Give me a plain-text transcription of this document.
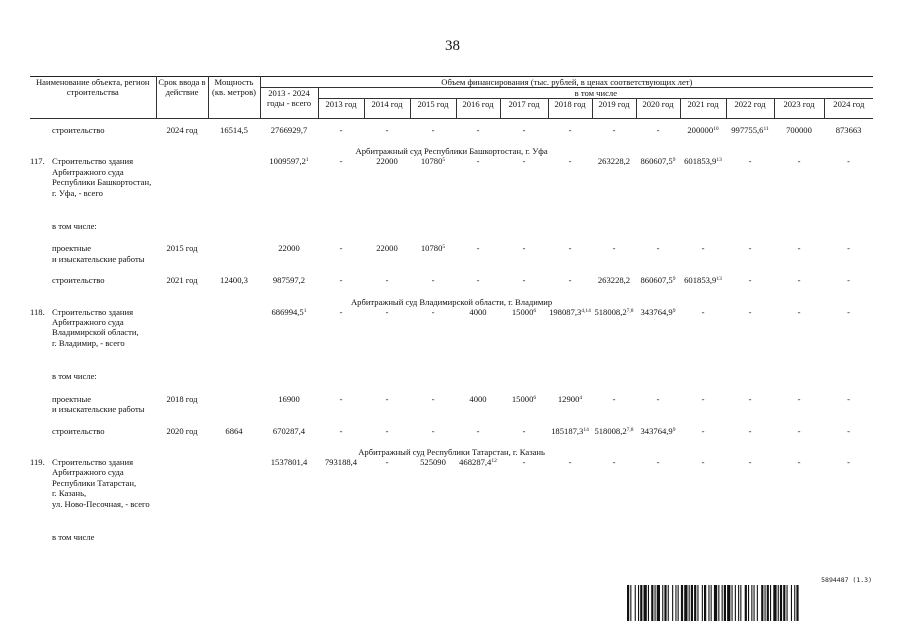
38
Наименование объекта, регион строительства		Срок ввода в действие	Мощность (кв. метров)	Объем финансирования (тыс. рублей, в ценах соответствующих лет)												
				2013 - 2024 годы - всего	в том числе											
					2013 год	2014 год	2015 год	2016 год	2017 год	2018 год	2019 год	2020 год	2021 год	2022 год	2023 год	2024 год

	строительство	2024 год	16514,5	2766929,7	-	-	-	-	-	-	-	-	200000$^{10}$	997755,6$^{11}$	700000	873663
Арбитражный суд Республики Башкортостан, г. Уфа																
117.	Строительство здания
Арбитражного суда
Республики Башкортостан,
г. Уфа, - всего			1009597,2$^1$	-	22000	10780$^5$	-	-	-	263228,2	860607,5$^9$	601853,9$^{13}$	-	-	-
	в том числе:															
	проектные
и изыскательские работы	2015 год		22000	-	22000	10780$^5$	-	-	-	-	-	-	-	-	-
	строительство	2021 год	12400,3	987597,2	-	-	-	-	-	-	263228,2	860607,5$^9$	601853,9$^{13}$	-	-	-
Арбитражный суд Владимирской области, г. Владимир																
118.	Строительство здания
Арбитражного суда
Владимирской области,
г. Владимир, - всего			686994,5$^1$	-	-	-	4000	15000$^6$	198087,3$^{4,14}$	518008,2$^{7,8}$	343764,9$^9$	-	-	-	-
	в том числе:															
	проектные
и изыскательские работы	2018 год		16900	-	-	-	4000	15000$^6$	12900$^4$	-	-	-	-	-	-
	строительство	2020 год	6864	670287,4	-	-	-	-	-	185187,3$^{14}$	518008,2$^{7,8}$	343764,9$^9$	-	-	-	-
Арбитражный суд Республики Татарстан, г. Казань																
119.	Строительство здания
Арбитражного суда
Республики Татарстан,
г. Казань,
ул. Ново-Песочная, - всего			1537801,4	793188,4	-	525090	468287,4$^{12}$	-	-	-	-	-	-	-	-
	в том числе															
5894487 (1.3)
